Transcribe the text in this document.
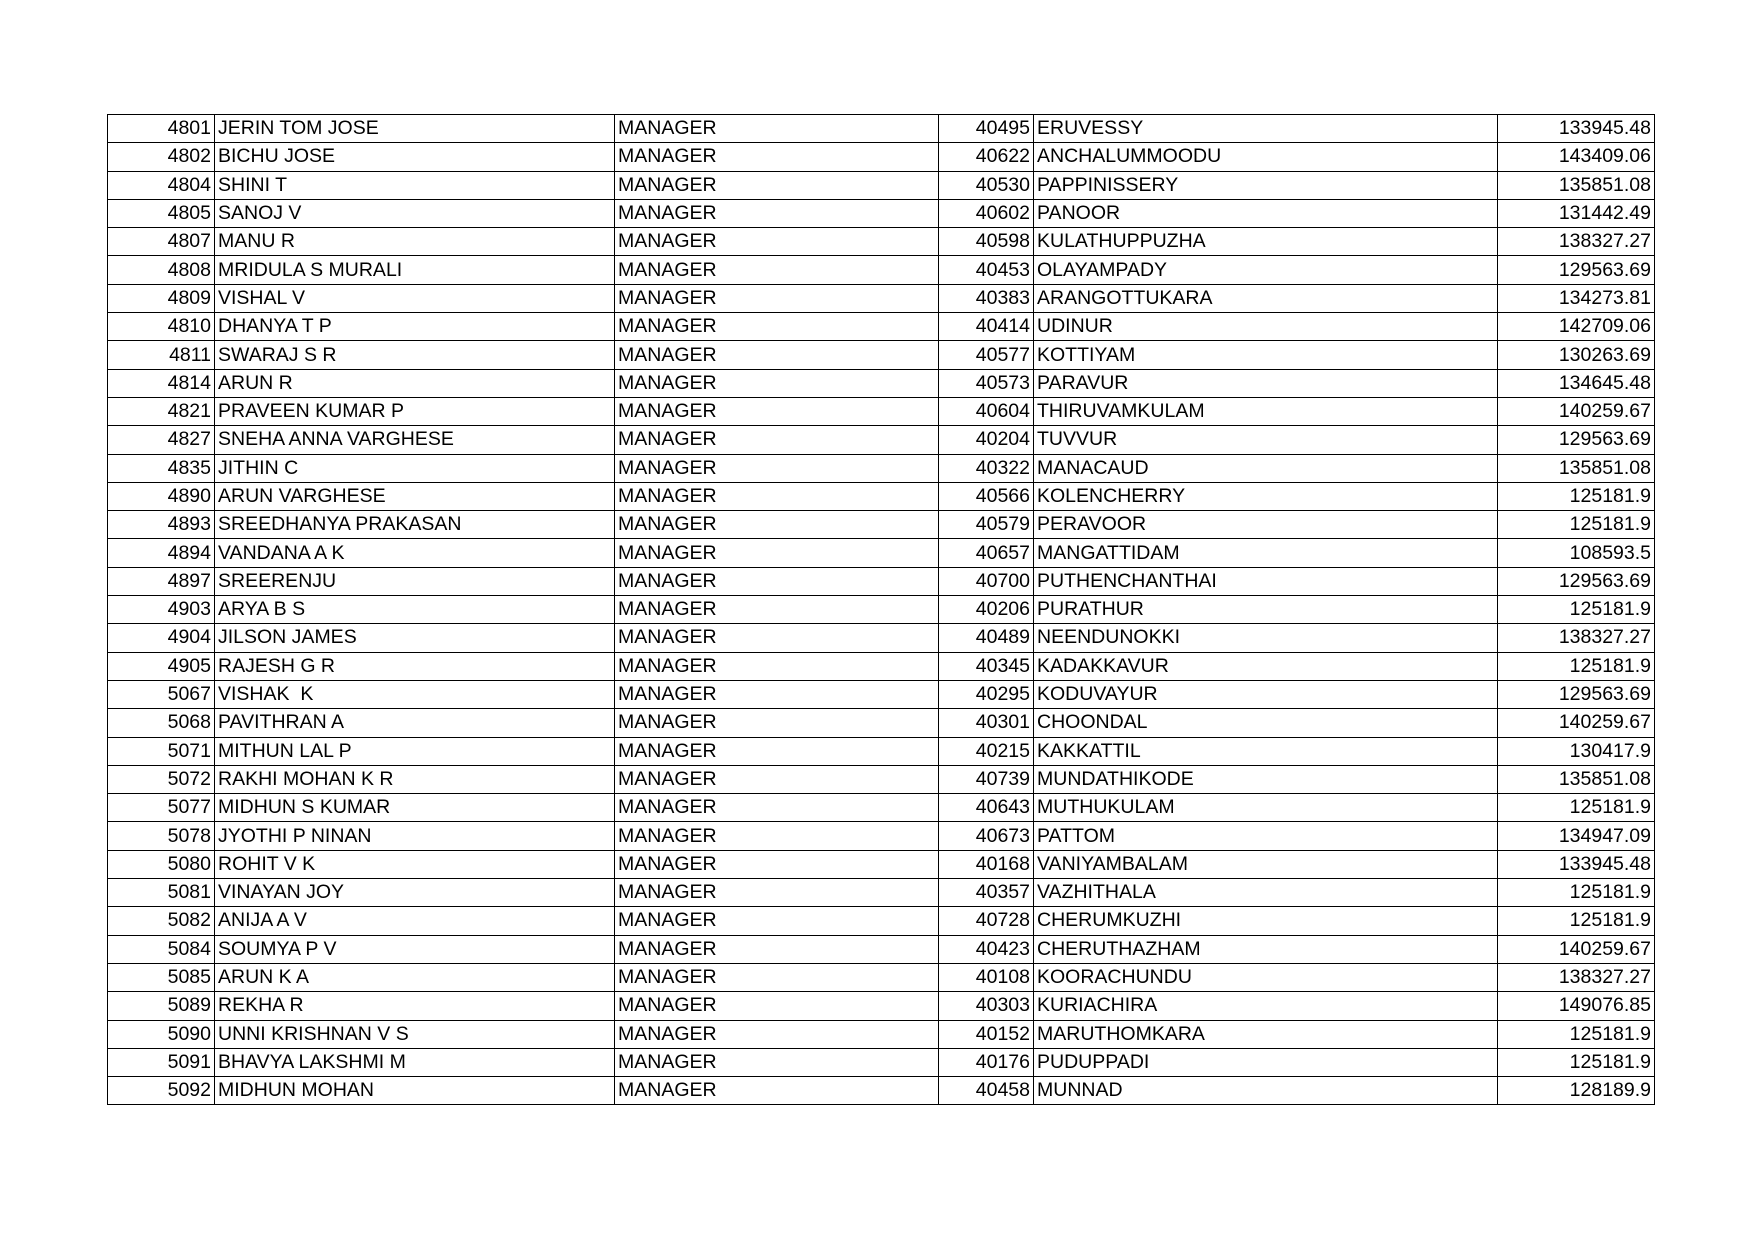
4801	JERIN TOM JOSE	MANAGER	40495	ERUVESSY	133945.48
4802	BICHU JOSE	MANAGER	40622	ANCHALUMMOODU	143409.06
4804	SHINI T	MANAGER	40530	PAPPINISSERY	135851.08
4805	SANOJ V	MANAGER	40602	PANOOR	131442.49
4807	MANU R	MANAGER	40598	KULATHUPPUZHA	138327.27
4808	MRIDULA S MURALI	MANAGER	40453	OLAYAMPADY	129563.69
4809	VISHAL V	MANAGER	40383	ARANGOTTUKARA	134273.81
4810	DHANYA T P	MANAGER	40414	UDINUR	142709.06
4811	SWARAJ S R	MANAGER	40577	KOTTIYAM	130263.69
4814	ARUN R	MANAGER	40573	PARAVUR	134645.48
4821	PRAVEEN KUMAR P	MANAGER	40604	THIRUVAMKULAM	140259.67
4827	SNEHA ANNA VARGHESE	MANAGER	40204	TUVVUR	129563.69
4835	JITHIN C	MANAGER	40322	MANACAUD	135851.08
4890	ARUN VARGHESE	MANAGER	40566	KOLENCHERRY	125181.9
4893	SREEDHANYA PRAKASAN	MANAGER	40579	PERAVOOR	125181.9
4894	VANDANA A K	MANAGER	40657	MANGATTIDAM	108593.5
4897	SREERENJU	MANAGER	40700	PUTHENCHANTHAI	129563.69
4903	ARYA B S	MANAGER	40206	PURATHUR	125181.9
4904	JILSON JAMES	MANAGER	40489	NEENDUNOKKI	138327.27
4905	RAJESH G R	MANAGER	40345	KADAKKAVUR	125181.9
5067	VISHAK  K	MANAGER	40295	KODUVAYUR	129563.69
5068	PAVITHRAN A	MANAGER	40301	CHOONDAL	140259.67
5071	MITHUN LAL P	MANAGER	40215	KAKKATTIL	130417.9
5072	RAKHI MOHAN K R	MANAGER	40739	MUNDATHIKODE	135851.08
5077	MIDHUN S KUMAR	MANAGER	40643	MUTHUKULAM	125181.9
5078	JYOTHI P NINAN	MANAGER	40673	PATTOM	134947.09
5080	ROHIT V K	MANAGER	40168	VANIYAMBALAM	133945.48
5081	VINAYAN JOY	MANAGER	40357	VAZHITHALA	125181.9
5082	ANIJA A V	MANAGER	40728	CHERUMKUZHI	125181.9
5084	SOUMYA P V	MANAGER	40423	CHERUTHAZHAM	140259.67
5085	ARUN K A	MANAGER	40108	KOORACHUNDU	138327.27
5089	REKHA R	MANAGER	40303	KURIACHIRA	149076.85
5090	UNNI KRISHNAN V S	MANAGER	40152	MARUTHOMKARA	125181.9
5091	BHAVYA LAKSHMI M	MANAGER	40176	PUDUPPADI	125181.9
5092	MIDHUN MOHAN	MANAGER	40458	MUNNAD	128189.9
